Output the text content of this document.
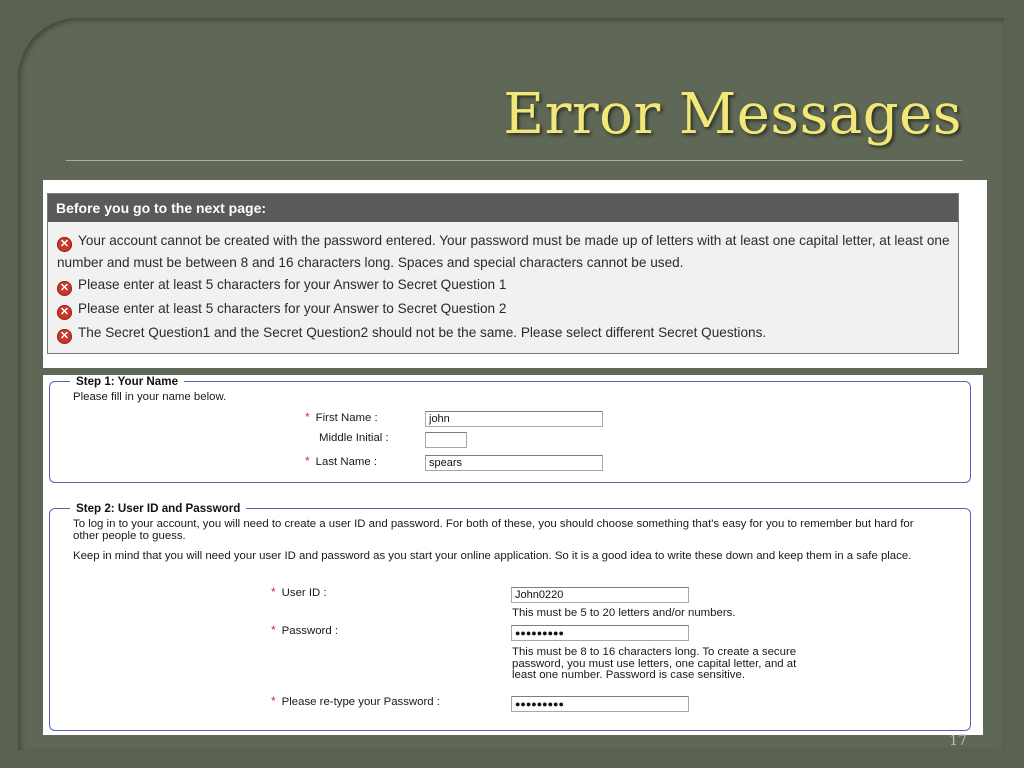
Error Messages
Before you go to the next page:
✕ Your account cannot be created with the password entered. Your password must be made up of letters with at least one capital letter, at least one number and must be between 8 and 16 characters long. Spaces and special characters cannot be used.
✕ Please enter at least 5 characters for your Answer to Secret Question 1
✕ Please enter at least 5 characters for your Answer to Secret Question 2
✕ The Secret Question1 and the Secret Question2 should not be the same. Please select different Secret Questions.
Step 1: Your Name
Please fill in your name below.
* First Name :	john
Middle Initial :
* Last Name :	spears
Step 2: User ID and Password
To log in to your account, you will need to create a user ID and password. For both of these, you should choose something that's easy for you to remember but hard for other people to guess.
Keep in mind that you will need your user ID and password as you start your online application. So it is a good idea to write these down and keep them in a safe place.
* User ID :	John0220
This must be 5 to 20 letters and/or numbers.
* Password :	●●●●●●●●●
This must be 8 to 16 characters long. To create a secure password, you must use letters, one capital letter, and at least one number. Password is case sensitive.
* Please re-type your Password :	●●●●●●●●●
17
